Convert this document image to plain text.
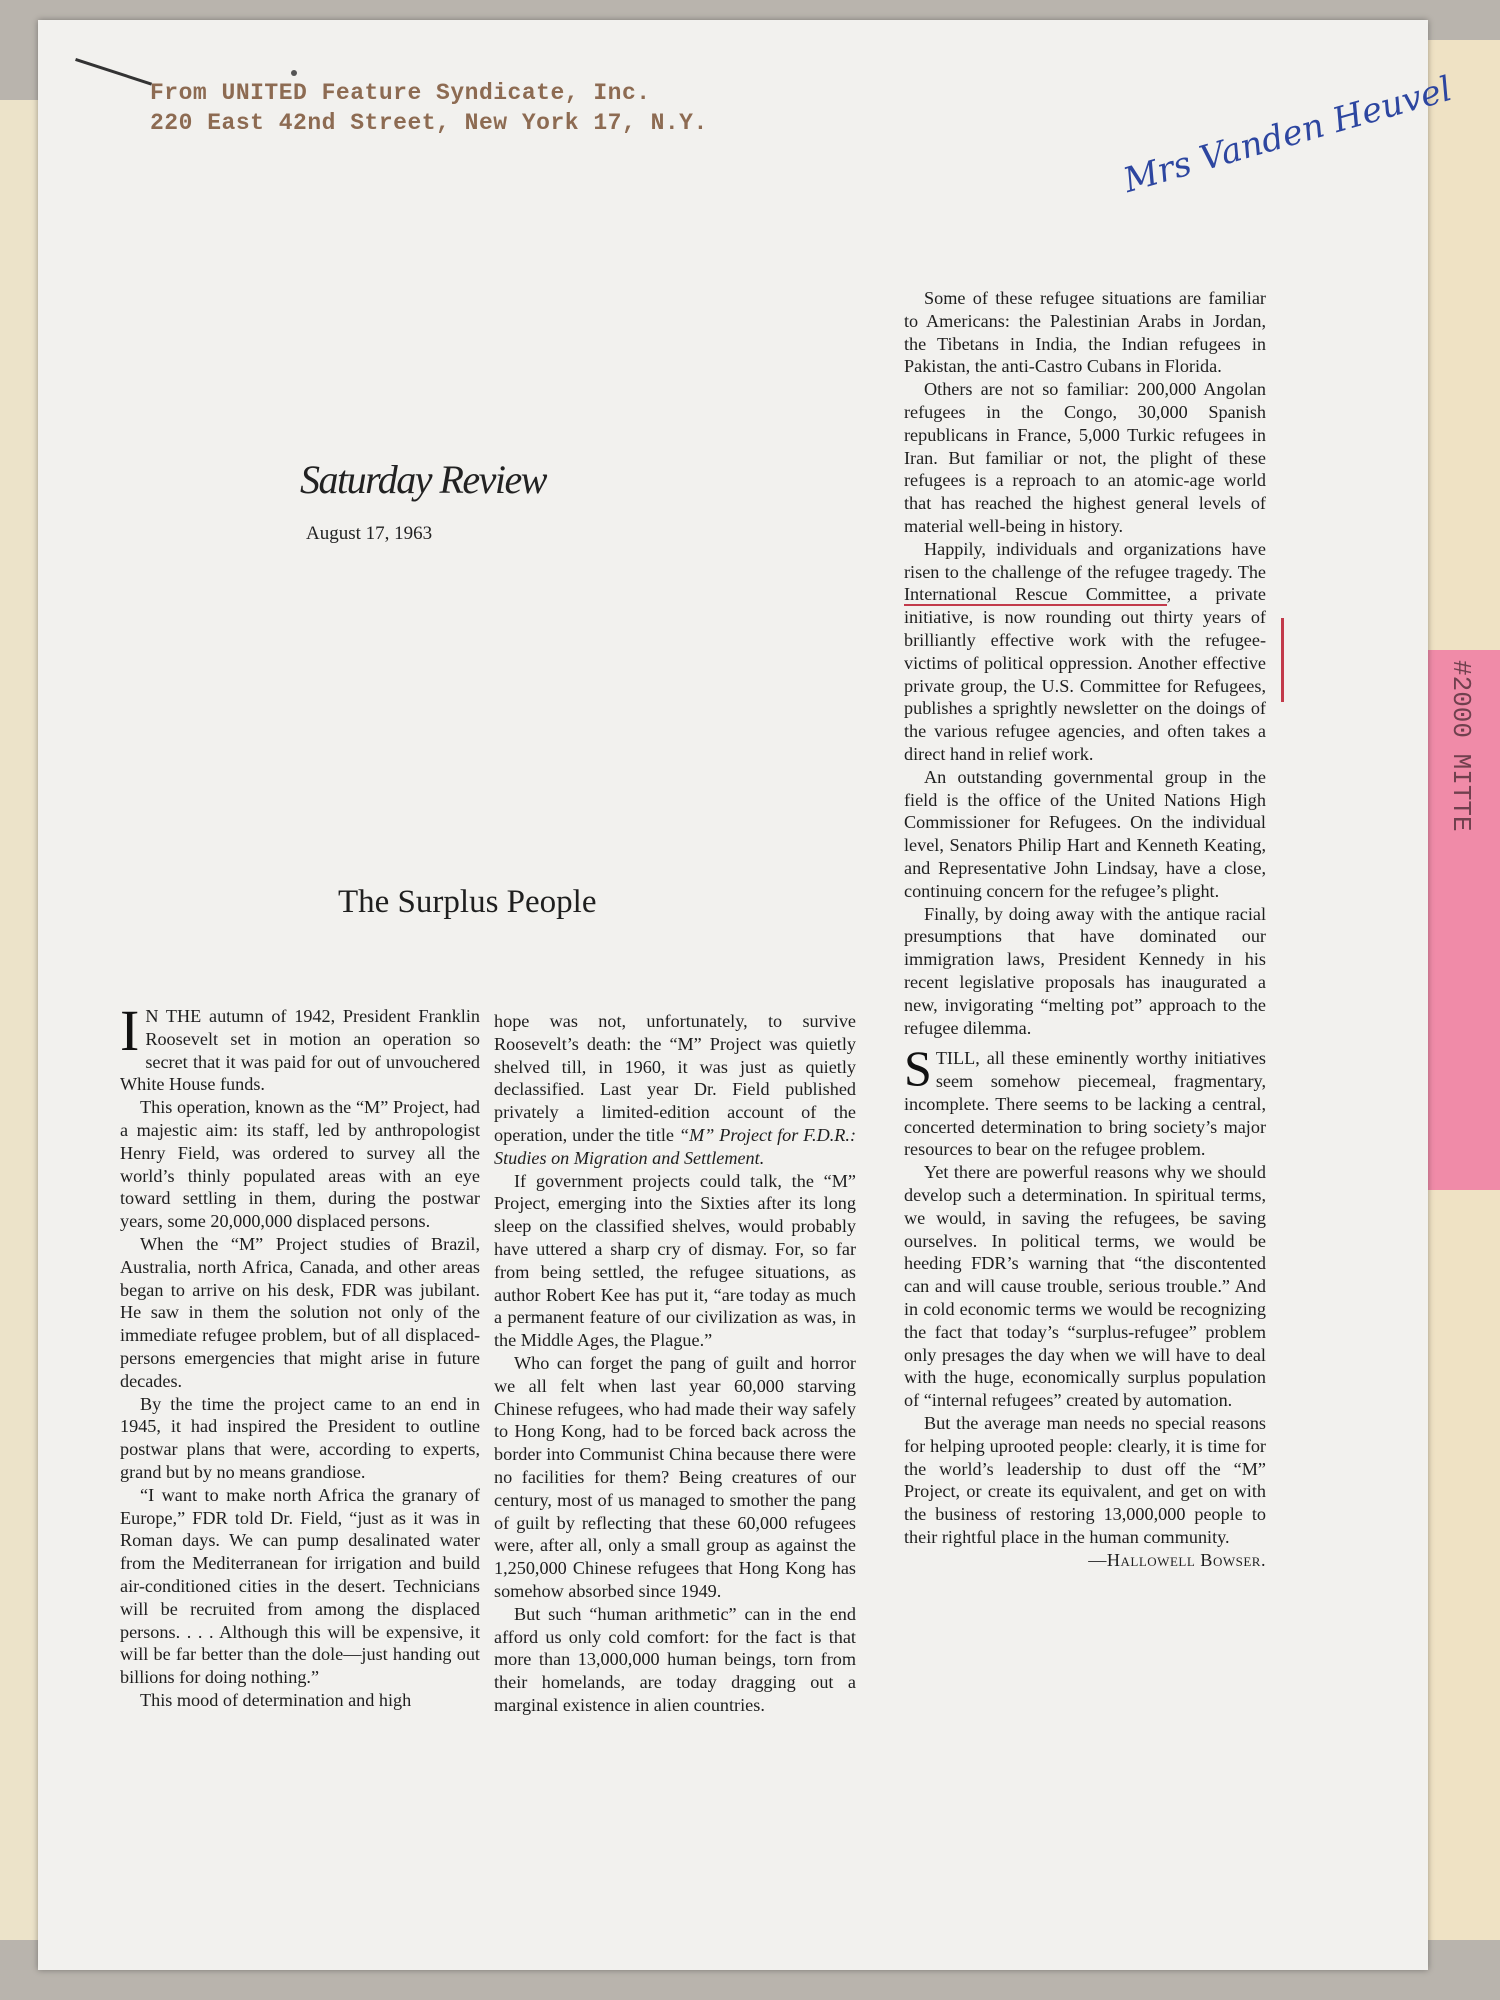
#2000 MITTE
From UNITED Feature Syndicate, Inc.
220 East 42nd Street, New York 17, N.Y.	Mrs Vanden Heuvel
Saturday Review
August 17, 1963
The Surplus People

I N THE autumn of 1942, President Franklin Roosevelt set in motion an operation so secret that it was paid for out of unvouchered White House funds.

This operation, known as the “M” Project, had a majestic aim: its staff, led by anthropologist Henry Field, was ordered to survey all the world’s thinly populated areas with an eye toward settling in them, during the postwar years, some 20,000,000 displaced persons.

When the “M” Project studies of Brazil, Australia, north Africa, Canada, and other areas began to arrive on his desk, FDR was jubilant. He saw in them the solution not only of the immediate refugee problem, but of all displaced-persons emergencies that might arise in future decades.

By the time the project came to an end in 1945, it had inspired the President to outline postwar plans that were, according to experts, grand but by no means grandiose.

“I want to make north Africa the granary of Europe,” FDR told Dr. Field, “just as it was in Roman days. We can pump desalinated water from the Mediterranean for irrigation and build air-conditioned cities in the desert. Technicians will be recruited from among the displaced persons. . . . Although this will be expensive, it will be far better than the dole—just handing out billions for doing nothing.”

This mood of determination and high

hope was not, unfortunately, to survive Roosevelt’s death: the “M” Project was quietly shelved till, in 1960, it was just as quietly declassified. Last year Dr. Field published privately a limited-edition account of the operation, under the title “M” Project for F.D.R.: Studies on Migration and Settlement.

If government projects could talk, the “M” Project, emerging into the Sixties after its long sleep on the classified shelves, would probably have uttered a sharp cry of dismay. For, so far from being settled, the refugee situations, as author Robert Kee has put it, “are today as much a permanent feature of our civilization as was, in the Middle Ages, the Plague.”

Who can forget the pang of guilt and horror we all felt when last year 60,000 starving Chinese refugees, who had made their way safely to Hong Kong, had to be forced back across the border into Communist China because there were no facilities for them? Being creatures of our century, most of us managed to smother the pang of guilt by reflecting that these 60,000 refugees were, after all, only a small group as against the 1,250,000 Chinese refugees that Hong Kong has somehow absorbed since 1949.

But such “human arithmetic” can in the end afford us only cold comfort: for the fact is that more than 13,000,000 human beings, torn from their homelands, are today dragging out a marginal existence in alien countries.

Some of these refugee situations are familiar to Americans: the Palestinian Arabs in Jordan, the Tibetans in India, the Indian refugees in Pakistan, the anti-Castro Cubans in Florida.

Others are not so familiar: 200,000 Angolan refugees in the Congo, 30,000 Spanish republicans in France, 5,000 Turkic refugees in Iran. But familiar or not, the plight of these refugees is a reproach to an atomic-age world that has reached the highest general levels of material well-being in history.

Happily, individuals and organizations have risen to the challenge of the refugee tragedy. The International Rescue Committee, a private initiative, is now rounding out thirty years of brilliantly effective work with the refugee-victims of political oppression. Another effective private group, the U.S. Committee for Refugees, publishes a sprightly newsletter on the doings of the various refugee agencies, and often takes a direct hand in relief work.

An outstanding governmental group in the field is the office of the United Nations High Commissioner for Refugees. On the individual level, Senators Philip Hart and Kenneth Keating, and Representative John Lindsay, have a close, continuing concern for the refugee’s plight.

Finally, by doing away with the antique racial presumptions that have dominated our immigration laws, President Kennedy in his recent legislative proposals has inaugurated a new, invigorating “melting pot” approach to the refugee dilemma.

STILL, all these eminently worthy initiatives seem somehow piecemeal, fragmentary, incomplete. There seems to be lacking a central, concerted determination to bring society’s major resources to bear on the refugee problem.

Yet there are powerful reasons why we should develop such a determination. In spiritual terms, we would, in saving the refugees, be saving ourselves. In political terms, we would be heeding FDR’s warning that “the discontented can and will cause trouble, serious trouble.” And in cold economic terms we would be recognizing the fact that today’s “surplus-refugee” problem only presages the day when we will have to deal with the huge, economically surplus population of “internal refugees” created by automation.

But the average man needs no special reasons for helping uprooted people: clearly, it is time for the world’s leadership to dust off the “M” Project, or create its equivalent, and get on with the business of restoring 13,000,000 people to their rightful place in the human community.

—Hallowell Bowser.
